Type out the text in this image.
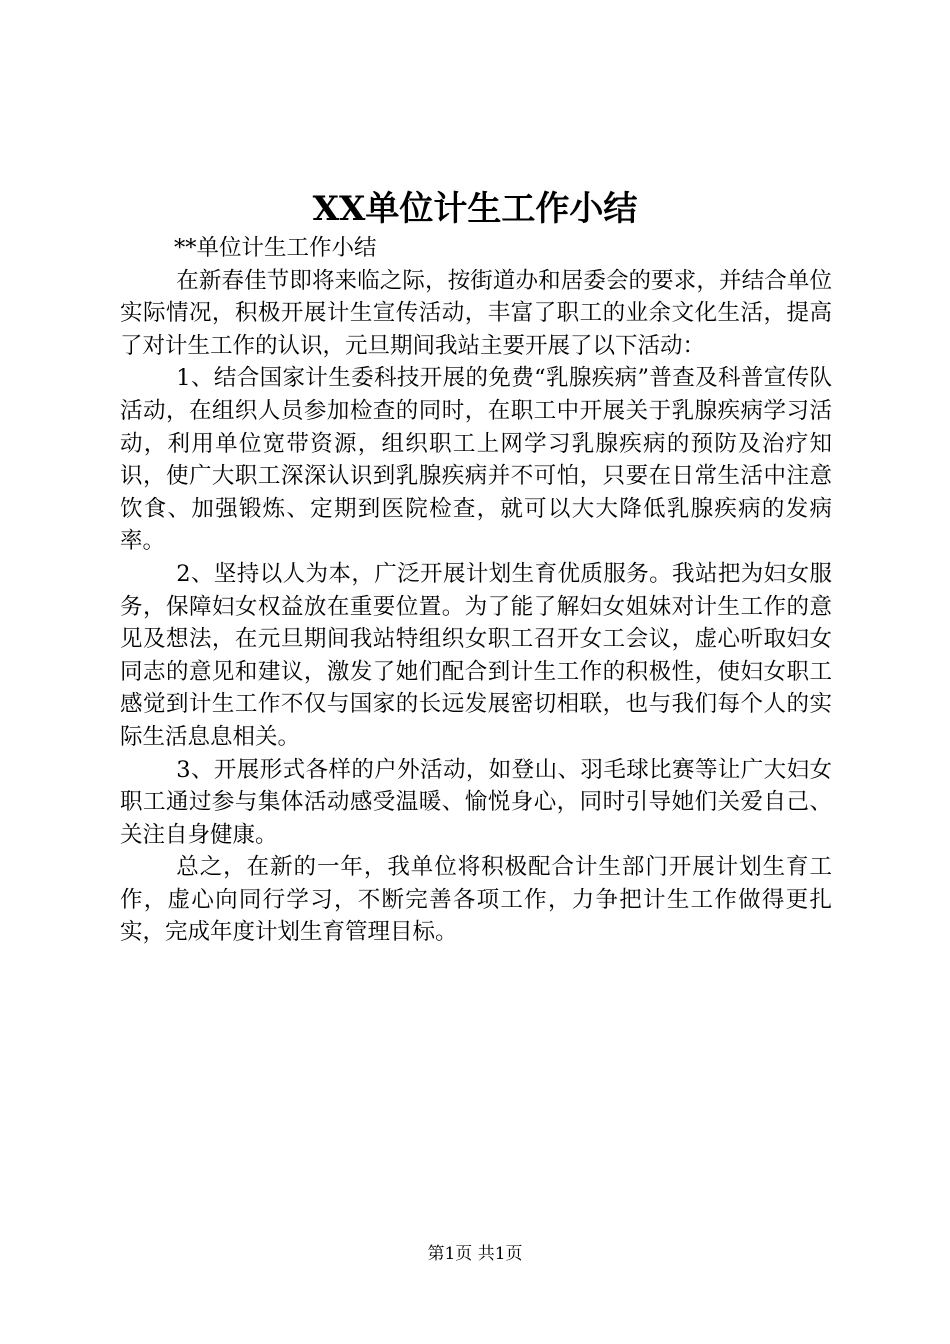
XX单位计生工作小结

**单位计生工作小结

在新春佳节即将来临之际，按街道办和居委会的要求，并结合单位实际情况，积极开展计生宣传活动，丰富了职工的业余文化生活，提高了对计生工作的认识，元旦期间我站主要开展了以下活动：

1、结合国家计生委科技开展的免费“乳腺疾病”普查及科普宣传队活动，在组织人员参加检查的同时，在职工中开展关于乳腺疾病学习活动，利用单位宽带资源，组织职工上网学习乳腺疾病的预防及治疗知识，使广大职工深深认识到乳腺疾病并不可怕，只要在日常生活中注意饮食、加强锻炼、定期到医院检查，就可以大大降低乳腺疾病的发病率。

2、坚持以人为本，广泛开展计划生育优质服务。我站把为妇女服务，保障妇女权益放在重要位置。为了能了解妇女姐妹对计生工作的意见及想法，在元旦期间我站特组织女职工召开女工会议，虚心听取妇女同志的意见和建议，激发了她们配合到计生工作的积极性，使妇女职工感觉到计生工作不仅与国家的长远发展密切相联，也与我们每个人的实际生活息息相关。

3、开展形式各样的户外活动，如登山、羽毛球比赛等让广大妇女职工通过参与集体活动感受温暖、愉悦身心，同时引导她们关爱自己、关注自身健康。

总之，在新的一年，我单位将积极配合计生部门开展计划生育工作，虚心向同行学习，不断完善各项工作，力争把计生工作做得更扎实，完成年度计划生育管理目标。

第1页 共1页
